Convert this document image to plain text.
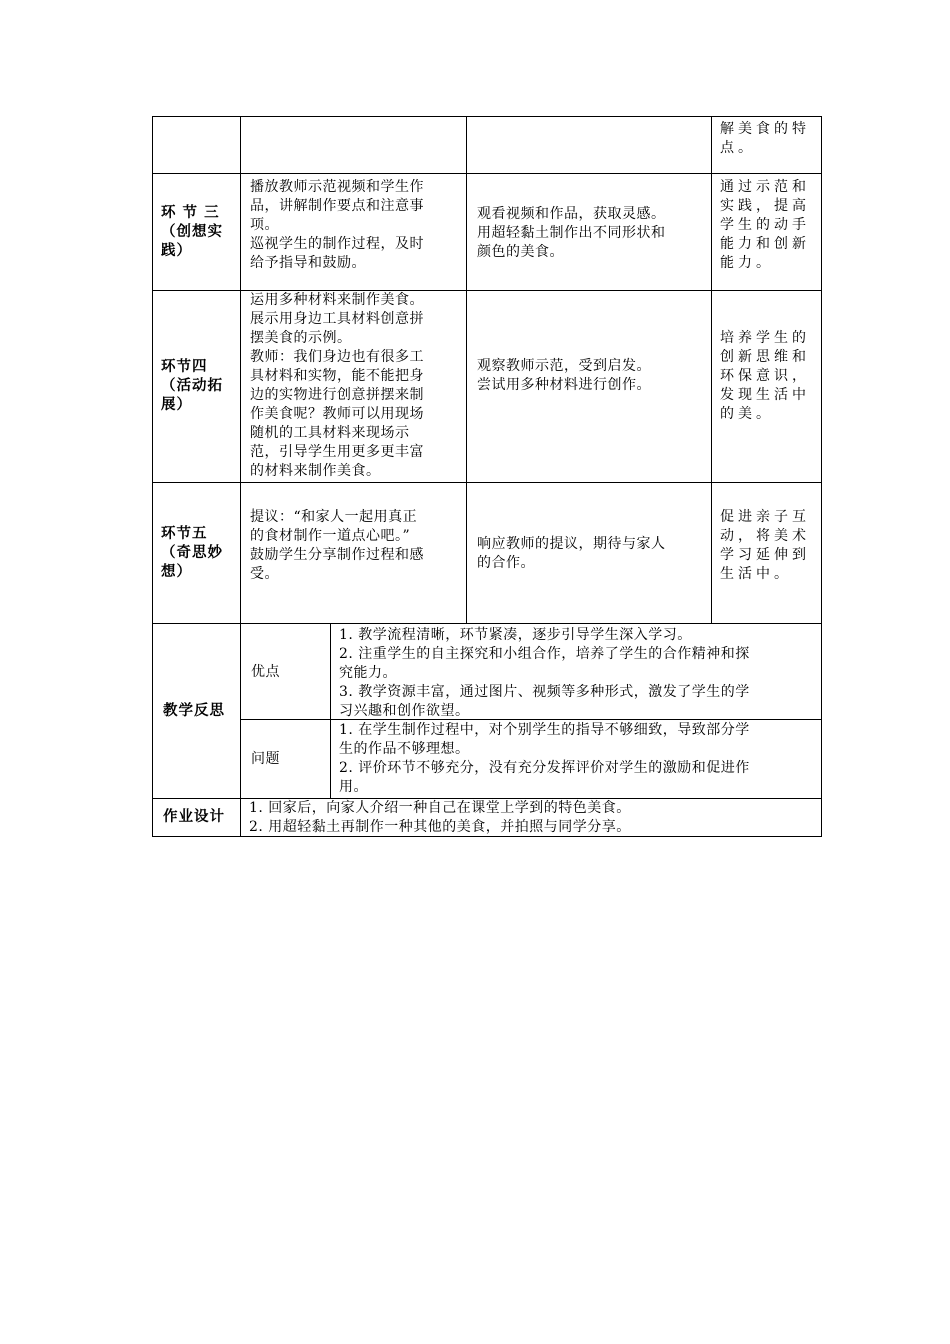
解美食的特
点。
环 节 三
（创想实
践）
播放教师示范视频和学生作
品，讲解制作要点和注意事
项。
巡视学生的制作过程，及时
给予指导和鼓励。
观看视频和作品，获取灵感。
用超轻黏土制作出不同形状和
颜色的美食。
通过示范和
实践，提高
学生的动手
能力和创新
能力。
环节四
（活动拓
展）
运用多种材料来制作美食。
展示用身边工具材料创意拼
摆美食的示例。
教师：我们身边也有很多工
具材料和实物，能不能把身
边的实物进行创意拼摆来制
作美食呢？教师可以用现场
随机的工具材料来现场示
范，引导学生用更多更丰富
的材料来制作美食。
观察教师示范，受到启发。
尝试用多种材料进行创作。
培养学生的
创新思维和
环保意识，
发现生活中
的美。
环节五
（奇思妙
想）
提议：“和家人一起用真正
的食材制作一道点心吧。”
鼓励学生分享制作过程和感
受。
响应教师的提议，期待与家人
的合作。
促进亲子互
动，将美术
学习延伸到
生活中。
教学反思
优点
1. 教学流程清晰，环节紧凑，逐步引导学生深入学习。
2. 注重学生的自主探究和小组合作，培养了学生的合作精神和探
究能力。
3. 教学资源丰富，通过图片、视频等多种形式，激发了学生的学
习兴趣和创作欲望。
问题
1. 在学生制作过程中，对个别学生的指导不够细致，导致部分学
生的作品不够理想。
2. 评价环节不够充分，没有充分发挥评价对学生的激励和促进作
用。
作业设计
1. 回家后，向家人介绍一种自己在课堂上学到的特色美食。
2. 用超轻黏土再制作一种其他的美食，并拍照与同学分享。
